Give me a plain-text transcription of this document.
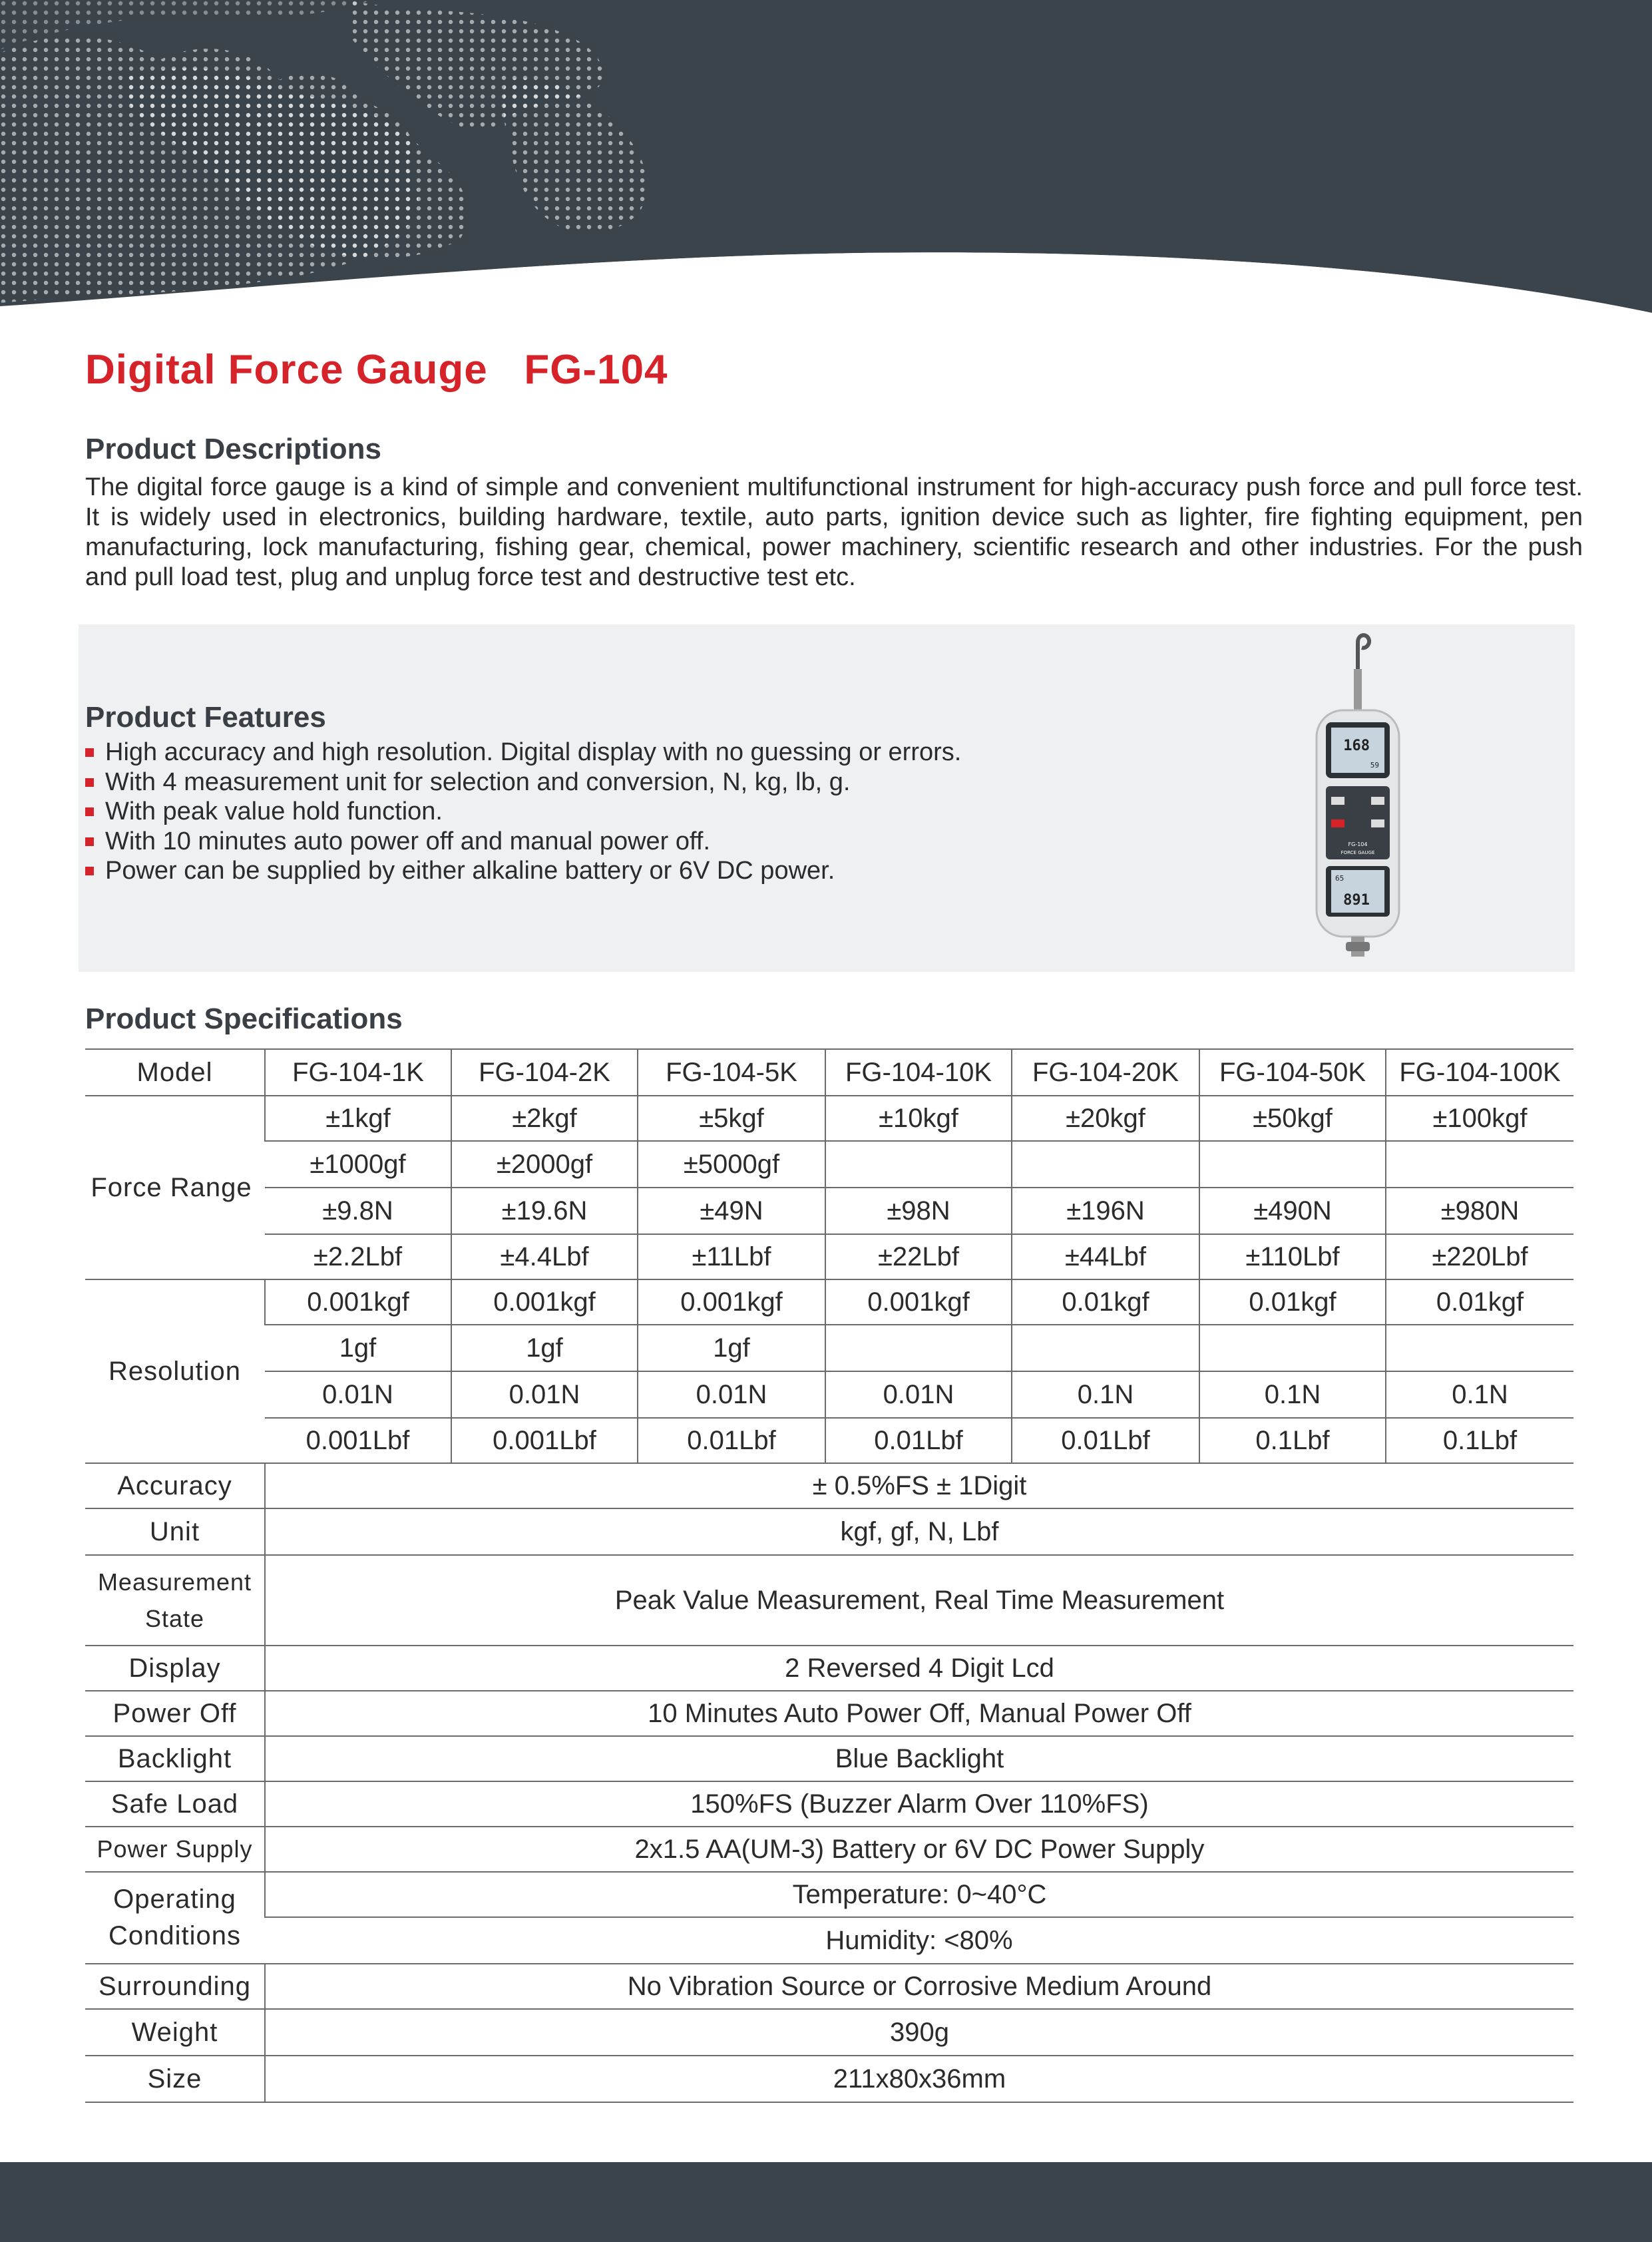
Digital Force Gauge   FG-104
Product Descriptions

The digital force gauge is a kind of simple and convenient multifunctional instrument for high-accuracy push force and pull force test. It is widely used in electronics, building hardware, textile, auto parts, ignition device such as lighter, fire fighting equipment, pen manufacturing, lock manufacturing, fishing gear, chemical, power machinery, scientific research and other industries. For the push and pull load test, plug and unplug force test and destructive test etc.

Product Features
High accuracy and high resolution. Digital display with no guessing or errors.
With 4 measurement unit for selection and conversion, N, kg, lb, g.
With peak value hold function.
With 10 minutes auto power off and manual power off.
Power can be supplied by either alkaline battery or 6V DC power.
168
59
FG-104
FORCE GAUGE
65
891
Product Specifications
Model	FG-104-1K	FG-104-2K	FG-104-5K	FG-104-10K	FG-104-20K	FG-104-50K	FG-104-100K
Force Range	±1kgf	±2kgf	±5kgf	±10kgf	±20kgf	±50kgf	±100kgf
	±1000gf	±2000gf	±5000gf				
	±9.8N	±19.6N	±49N	±98N	±196N	±490N	±980N
	±2.2Lbf	±4.4Lbf	±11Lbf	±22Lbf	±44Lbf	±110Lbf	±220Lbf
Resolution	0.001kgf	0.001kgf	0.001kgf	0.001kgf	0.01kgf	0.01kgf	0.01kgf
	1gf	1gf	1gf				
	0.01N	0.01N	0.01N	0.01N	0.1N	0.1N	0.1N
	0.001Lbf	0.001Lbf	0.01Lbf	0.01Lbf	0.01Lbf	0.1Lbf	0.1Lbf
Accuracy	± 0.5%FS ± 1Digit						
Unit	kgf, gf, N, Lbf						
Measurement State	Peak Value Measurement, Real Time Measurement						
Display	2 Reversed 4 Digit Lcd						
Power Off	10 Minutes Auto Power Off, Manual Power Off						
Backlight	Blue Backlight						
Safe Load	150%FS (Buzzer Alarm Over 110%FS)						
Power Supply	2x1.5 AA(UM-3) Battery or 6V DC Power Supply						
Operating Conditions	Temperature: 0~40°C						
	Humidity: <80%						
Surrounding	No Vibration Source or Corrosive Medium Around						
Weight	390g						
Size	211x80x36mm						
